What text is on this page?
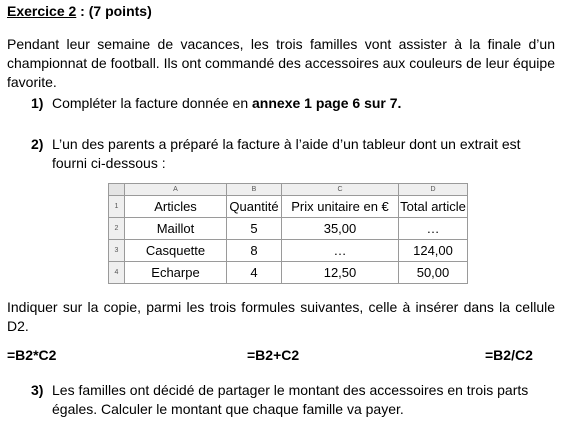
Exercice 2 : (7 points)
Pendant leur semaine de vacances, les trois familles vont assister à la finale d’un championnat de football. Ils ont commandé des accessoires aux couleurs de leur équipe favorite.
1) Compléter la facture donnée en annexe 1 page 6 sur 7.
2) L’un des parents a préparé la facture à l’aide d’un tableur dont un extrait est
fourni ci-dessous :
	A	B	C	D
1	Articles	Quantité	Prix unitaire en €	Total article
2	Maillot	5	35,00	…
3	Casquette	8	…	124,00
4	Echarpe	4	12,50	50,00
Indiquer sur la copie, parmi les trois formules suivantes, celle à insérer dans la cellule D2.
=B2*C2	=B2+C2	=B2/C2
3) Les familles ont décidé de partager le montant des accessoires en trois parts
égales. Calculer le montant que chaque famille va payer.
